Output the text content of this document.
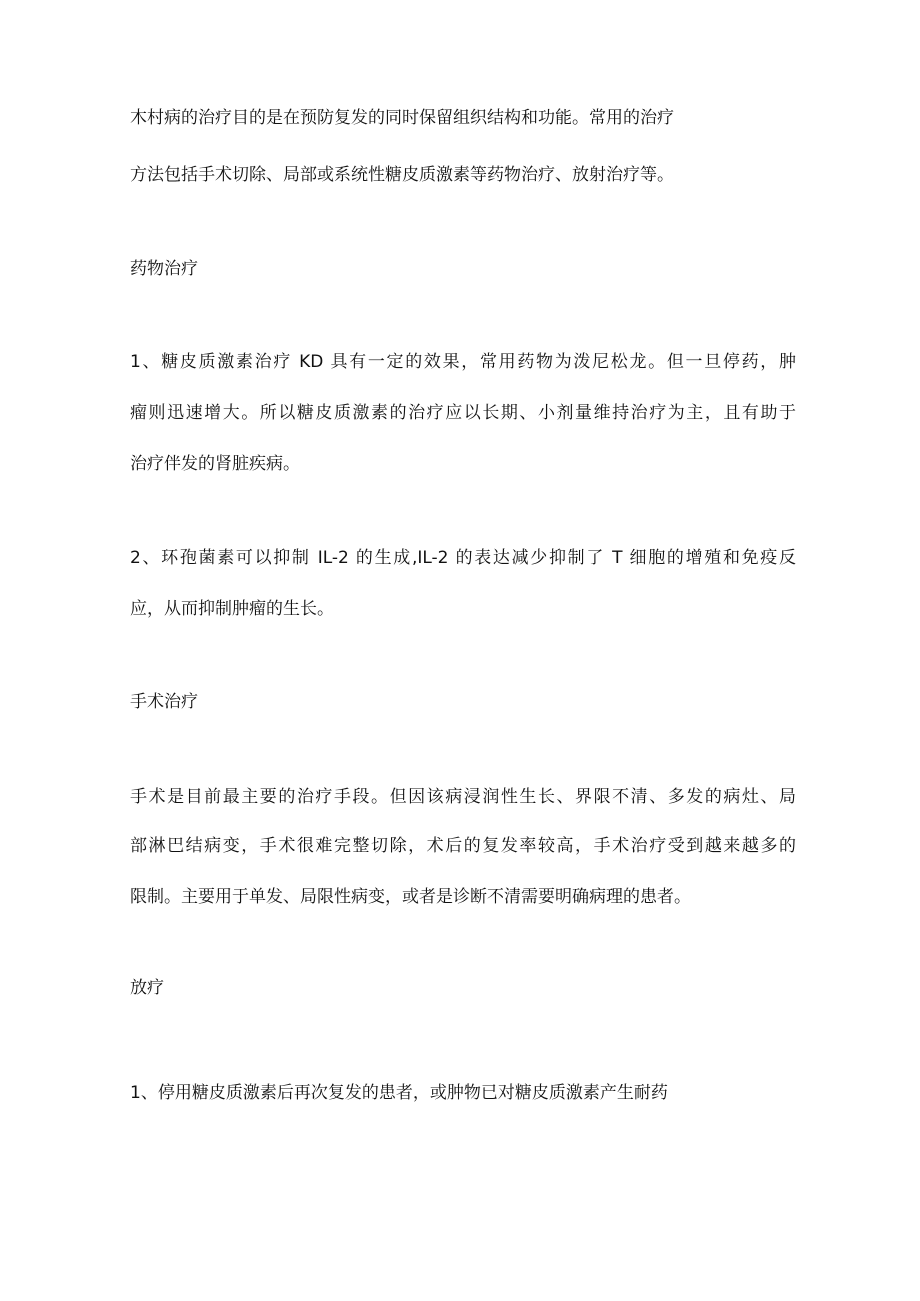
木村病的治疗目的是在预防复发的同时保留组织结构和功能。常用的治疗

方法包括手术切除、局部或系统性糖皮质激素等药物治疗、放射治疗等。

药物治疗

1、糖皮质激素治疗 KD 具有一定的效果，常用药物为泼尼松龙。但一旦停药，肿

瘤则迅速增大。所以糖皮质激素的治疗应以长期、小剂量维持治疗为主，且有助于

治疗伴发的肾脏疾病。

2、环孢菌素可以抑制 IL-2 的生成,IL-2 的表达减少抑制了 T 细胞的增殖和免疫反

应，从而抑制肿瘤的生长。

手术治疗

手术是目前最主要的治疗手段。但因该病浸润性生长、界限不清、多发的病灶、局

部淋巴结病变，手术很难完整切除，术后的复发率较高，手术治疗受到越来越多的

限制。主要用于单发、局限性病变，或者是诊断不清需要明确病理的患者。

放疗

1、停用糖皮质激素后再次复发的患者，或肿物已对糖皮质激素产生耐药
